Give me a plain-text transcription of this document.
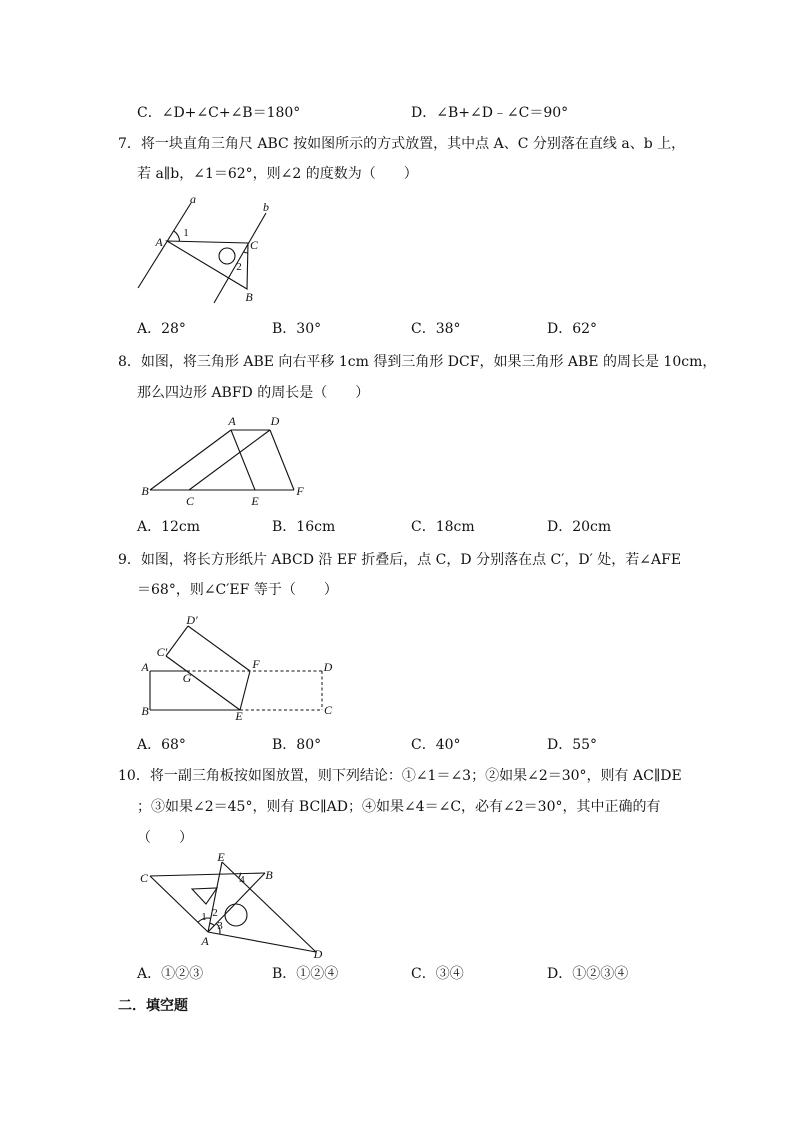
C．∠D+∠C+∠B＝180°	D．∠B+∠D﹣∠C＝90°
7．将一块直角三角尺 ABC 按如图所示的方式放置，其中点 A、C 分别落在直线 a、b 上，
若 a∥b，∠1＝62°，则∠2 的度数为（　　）
a
b
A	C
B
1
2
A．28°	B．30°	C．38°	D．62°
8．如图，将三角形 ABE 向右平移 1cm 得到三角形 DCF，如果三角形 ABE 的周长是 10cm，
那么四边形 ABFD 的周长是（　　）
A	D
B
C	E
F
A．12cm	B．16cm	C．18cm	D．20cm
9．如图，将长方形纸片 ABCD 沿 EF 折叠后，点 C，D 分别落在点 C′，D′ 处，若∠AFE
＝68°，则∠C′EF 等于（　　）
D′
C′
A
G
F	D
B	E	C
A．68°	B．80°	C．40°	D．55°
10．将一副三角板按如图放置，则下列结论：①∠1＝∠3；②如果∠2＝30°，则有 AC∥DE
；③如果∠2＝45°，则有 BC∥AD；④如果∠4＝∠C，必有∠2＝30°，其中正确的有
（　　）
C
E
B
4
1 2
3
A
D
A．①②③	B．①②④	C．③④	D．①②③④
二．填空题
